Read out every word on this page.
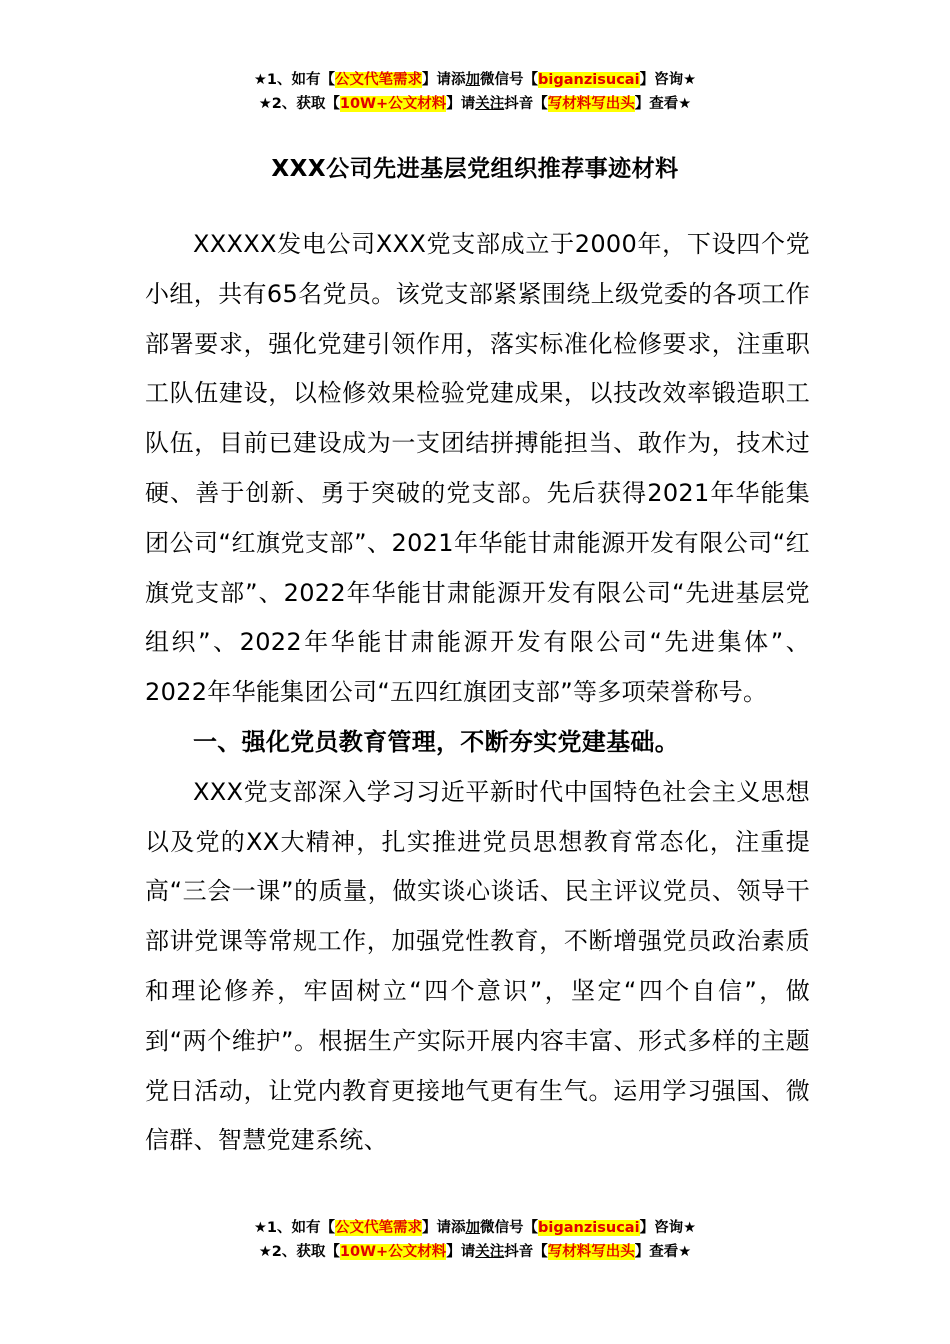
★1、如有【公文代笔需求】请添加微信号【biganzisucai】咨询★
★2、获取【10W+公文材料】请关注抖音【写材料写出头】查看★
XXX公司先进基层党组织推荐事迹材料

XXXXX发电公司XXX党支部成立于2000年，下设四个党小组，共有65名党员。该党支部紧紧围绕上级党委的各项工作部署要求，强化党建引领作用，落实标准化检修要求，注重职工队伍建设，以检修效果检验党建成果，以技改效率锻造职工队伍，目前已建设成为一支团结拼搏能担当、敢作为，技术过硬、善于创新、勇于突破的党支部。先后获得2021年华能集团公司“红旗党支部”、2021年华能甘肃能源开发有限公司“红旗党支部”、2022年华能甘肃能源开发有限公司“先进基层党组织”、2022年华能甘肃能源开发有限公司“先进集体”、2022年华能集团公司“五四红旗团支部”等多项荣誉称号。

一、强化党员教育管理，不断夯实党建基础。

XXX党支部深入学习习近平新时代中国特色社会主义思想以及党的XX大精神，扎实推进党员思想教育常态化，注重提高“三会一课”的质量，做实谈心谈话、民主评议党员、领导干部讲党课等常规工作，加强党性教育，不断增强党员政治素质和理论修养，牢固树立“四个意识”，坚定“四个自信”，做到“两个维护”。根据生产实际开展内容丰富、形式多样的主题党日活动，让党内教育更接地气更有生气。运用学习强国、微信群、智慧党建系统、

★1、如有【公文代笔需求】请添加微信号【biganzisucai】咨询★
★2、获取【10W+公文材料】请关注抖音【写材料写出头】查看★
